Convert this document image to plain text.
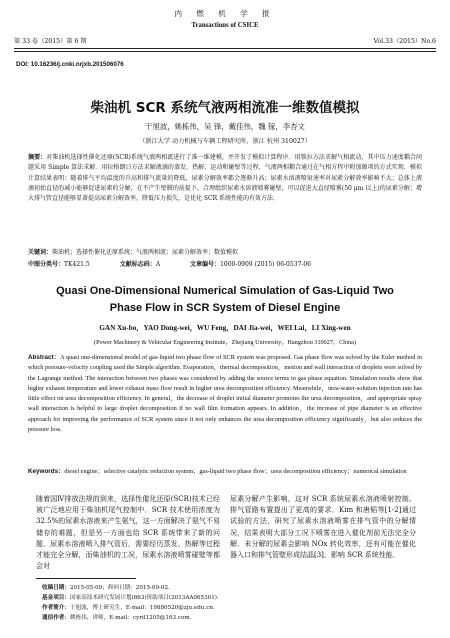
第 33 卷（2015）第 6 期
内 燃 机 学 报
Transactions of CSICE
Vol.33（2015）No.6
DOI: 10.16236/j.cnki.nrjxb.201506076
柴油机 SCR 系统气液两相流准一维数值模拟
干旭波，姚栋伟，吴 锋，戴佳伟，魏 镓，李杏文
（浙江大学 动力机械与车辆工程研究所，浙江 杭州 310027）
摘要：对柴油机选择性催化还原(SCR)系统气液两相流进行了准一维建模，并开发了模拟计算程序．用锁拉方法求解气相流动，其中压力速度耦合问题采用 Simple 算法求解．用拉格朗日方法求解液滴的蒸发、热解、运动和碰壁等过程，气液两相耦合通过在气相方程中附加源项的方式实现．模拟计算结果表明：随着排气平均温度的升高和排气流量的降低，尿素分解效率都会逐渐升高；尿素水溶液喷射速率对尿素分解效率影响不大；总体上液滴初始直径的减小能够促进尿素的分解，在不产生壁膜的前提下，合理组织尿素水溶液喷雾碰壁，可以促进大直径喷雾(50 μm 以上)的尿素分解；增大排气管直径能够显著提高尿素分解效率，降低压力损失，是优化 SCR 系统性能的有效方法．
关键词：柴油机；选择性催化还原系统；气液两相流；尿素分解效率；数值模拟
中图分类号：TK421.5	文献标志码：A	文章编号：1000-0909 (2015) 06-0537-06
Quasi One-Dimensional Numerical Simulation of Gas-Liquid Two Phase Flow in SCR System of Diesel Engine
GAN Xu-bo，YAO Dong-wei，WU Feng，DAI Jia-wei，WEI Lai，LI Xing-wen
(Power Machinery & Vehicular Engineering Institute，Zhejiang University，Hangzhou 310027，China)
Abstract：A quasi one-dimensional model of gas-liquid two phase flow of SCR system was proposed. Gas phase flow was solved by the Euler method in which pressure-velocity coupling used the Simple algorithm. Evaporation，thermal decomposition，motion and wall interaction of droplets were solved by the Lagrange method. The interaction between two phases was considered by adding the source terms in gas phase equation. Simulation results show that higher exhaust temperature and lower exhaust mass flow result in higher urea decomposition efficiency. Meanwhile，urea-water-solution injection rate has little effect on urea decomposition efficiency. In general，the decrease of droplet initial diameter promotes the urea decomposition，and appropriate spray wall interaction is helpful to large droplet decomposition if no wall film formation appears. In addition，the increase of pipe diameter is an effective approach for improving the performance of SCR system since it not only enhances the urea decomposition efficiency significantly，but also reduces the pressure loss.
Keywords：diesel engine；selective catalytic reduction system；gas-liquid two phase flow；urea decomposition efficiency；numerical simulation
随着国Ⅳ排放法规的到来，选择性催化还原(SCR)技术已经被广泛地应用于柴油机尾气控制中．SCR 技术使用浓度为 32.5%的尿素水溶液来产生氨气，这一方面解决了氨气不易储存的难题，但是另一方面也给 SCR 系统带来了新的问题．尿素水溶液喷入排气管后，需要经历蒸发、热解等过程才能完全分解，而柴油机的工况，尿素水溶液喷雾碰壁等都会对
尿素分解产生影响，这对 SCR 系统尿素水溶液喷射控制、排气管路布置提出了更高的要求．Kim 和唐韬等[1-2]通过试验的方法，研究了尿素水溶液喷雾在排气管中的分解情况，结果表明大部分工况下喷雾在进入催化剂前无法完全分解．未分解的尿素会影响 NOx 转化效率，还有可能在催化器入口和排气管壁形成结晶[3]，影响 SCR 系统性能．
收稿日期：2015-05-09；修回日期：2015-09-02．
基金项目：国家高技术研究发展计划(863)资助项目(2013AA065301)．
作者简介：干旭波，博士研究生，E-mail：19880520@zju.edu.cn．
通信作者：姚栋伟，讲师，E-mail：cyril1205@163.com．
